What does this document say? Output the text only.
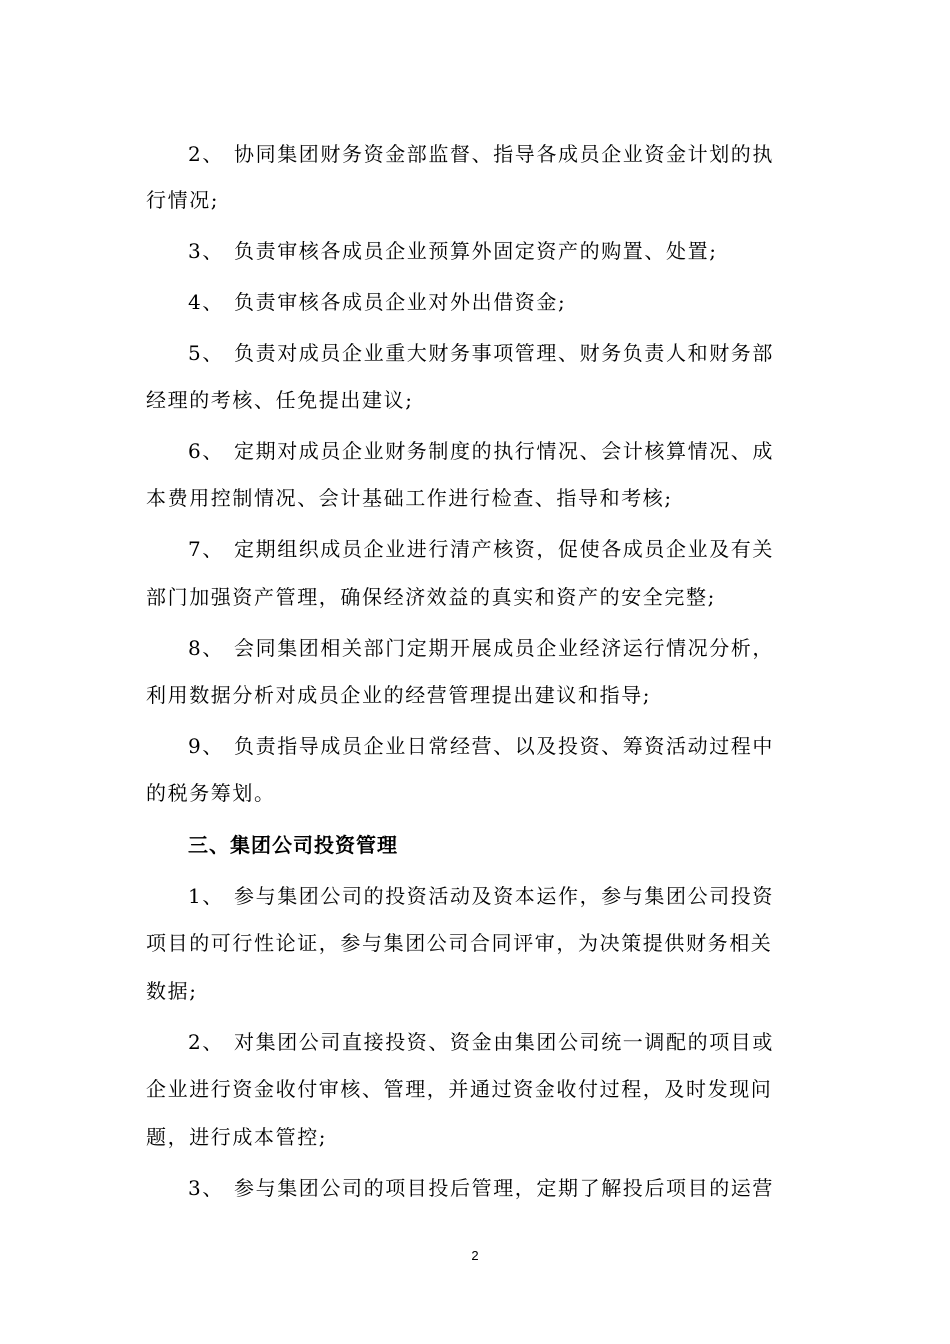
2、 协同集团财务资金部监督、指导各成员企业资金计划的执
行情况;
3、 负责审核各成员企业预算外固定资产的购置、处置;
4、 负责审核各成员企业对外出借资金;
5、 负责对成员企业重大财务事项管理、财务负责人和财务部
经理的考核、任免提出建议;
6、 定期对成员企业财务制度的执行情况、会计核算情况、成
本费用控制情况、会计基础工作进行检查、指导和考核;
7、 定期组织成员企业进行清产核资，促使各成员企业及有关
部门加强资产管理，确保经济效益的真实和资产的安全完整;
8、 会同集团相关部门定期开展成员企业经济运行情况分析，
利用数据分析对成员企业的经营管理提出建议和指导;
9、 负责指导成员企业日常经营、以及投资、筹资活动过程中
的税务筹划。
三、集团公司投资管理
1、 参与集团公司的投资活动及资本运作，参与集团公司投资
项目的可行性论证，参与集团公司合同评审，为决策提供财务相关
数据;
2、 对集团公司直接投资、资金由集团公司统一调配的项目或
企业进行资金收付审核、管理，并通过资金收付过程，及时发现问
题，进行成本管控;
3、 参与集团公司的项目投后管理，定期了解投后项目的运营
2
